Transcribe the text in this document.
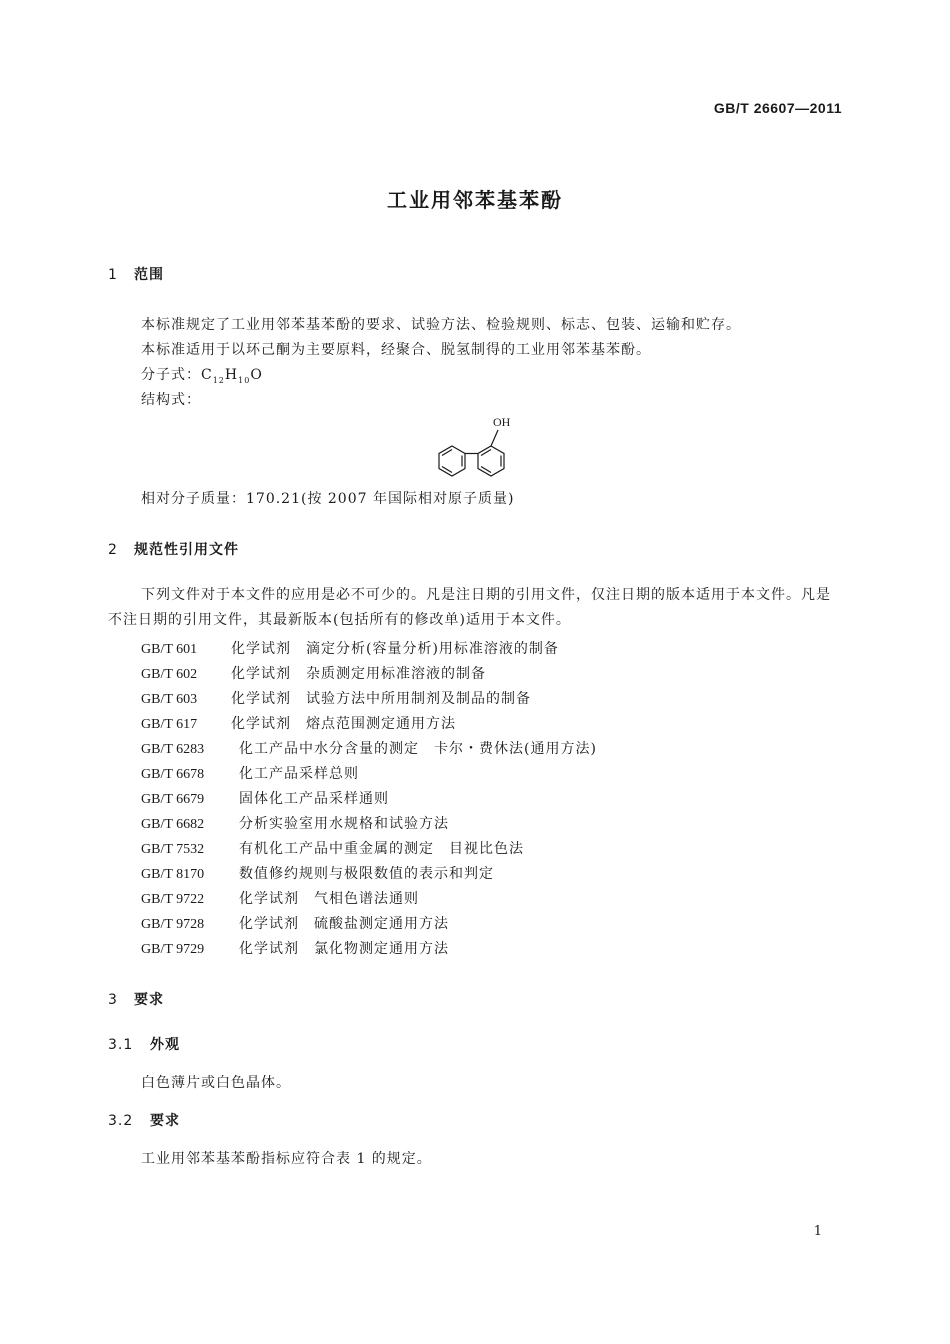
GB/T 26607—2011
工业用邻苯基苯酚
1 范围
本标准规定了工业用邻苯基苯酚的要求、试验方法、检验规则、标志、包装、运输和贮存。
本标准适用于以环己酮为主要原料，经聚合、脱氢制得的工业用邻苯基苯酚。
分子式：$C_{12}H_{10}O$
结构式：
OH
相对分子质量：170.21(按 2007 年国际相对原子质量)
2 规范性引用文件
下列文件对于本文件的应用是必不可少的。凡是注日期的引用文件，仅注日期的版本适用于本文件。凡是不注日期的引用文件，其最新版本(包括所有的修改单)适用于本文件。
GB/T 601 化学试剂　滴定分析(容量分析)用标准溶液的制备
GB/T 602 化学试剂　杂质测定用标准溶液的制备
GB/T 603 化学试剂　试验方法中所用制剂及制品的制备
GB/T 617 化学试剂　熔点范围测定通用方法
GB/T 6283 化工产品中水分含量的测定　卡尔・费休法(通用方法)
GB/T 6678 化工产品采样总则
GB/T 6679 固体化工产品采样通则
GB/T 6682 分析实验室用水规格和试验方法
GB/T 7532 有机化工产品中重金属的测定　目视比色法
GB/T 8170 数值修约规则与极限数值的表示和判定
GB/T 9722 化学试剂　气相色谱法通则
GB/T 9728 化学试剂　硫酸盐测定通用方法
GB/T 9729 化学试剂　氯化物测定通用方法
3 要求
3.1 外观
白色薄片或白色晶体。
3.2 要求
工业用邻苯基苯酚指标应符合表 1 的规定。
1
